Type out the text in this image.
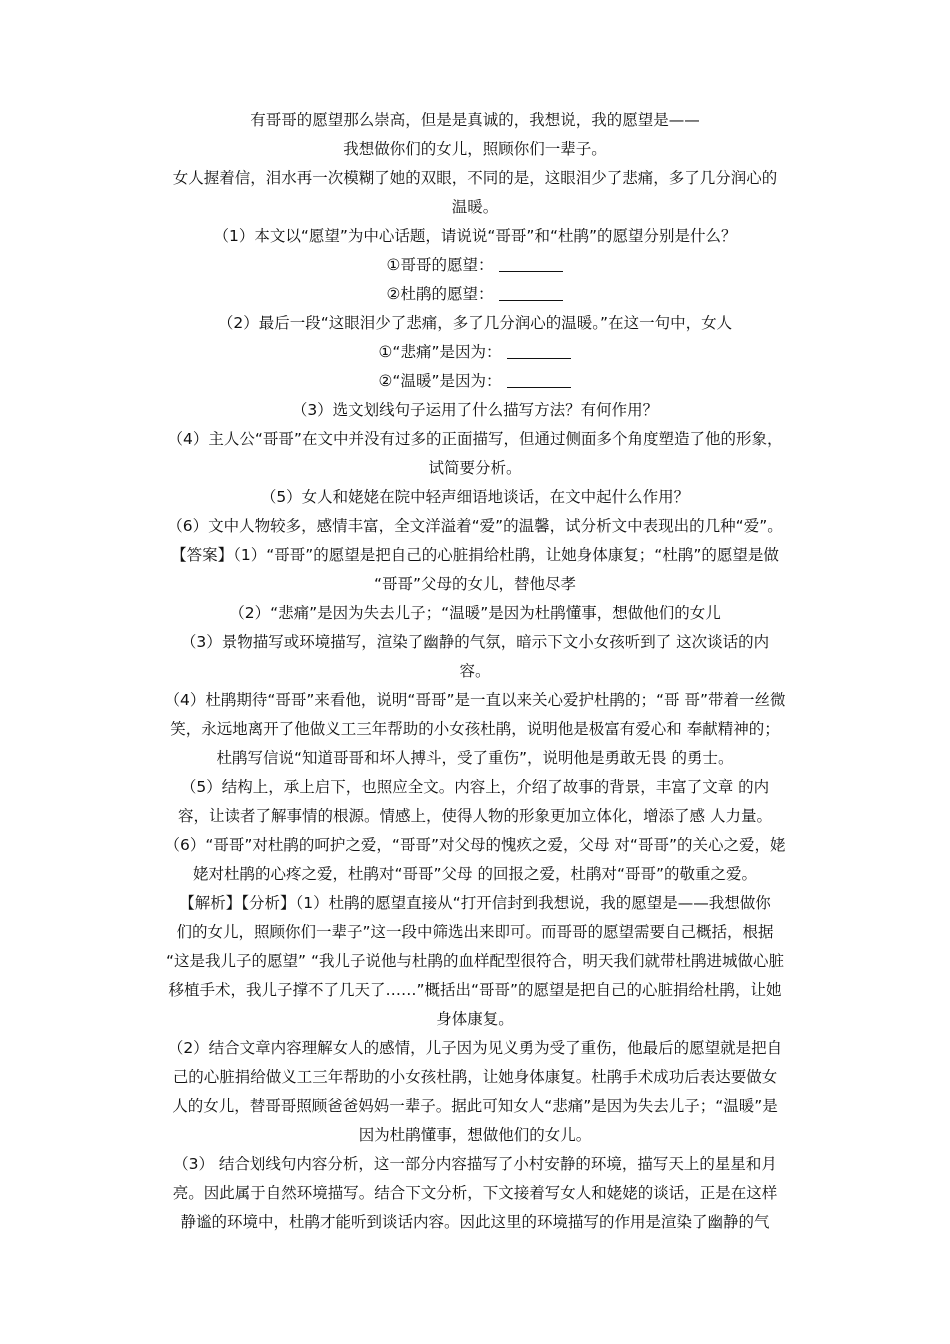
有哥哥的愿望那么崇高，但是是真诚的，我想说，我的愿望是——
我想做你们的女儿，照顾你们一辈子。
女人握着信，泪水再一次模糊了她的双眼，不同的是，这眼泪少了悲痛，多了几分润心的
温暖。
（1）本文以“愿望”为中心话题，请说说“哥哥”和“杜鹃”的愿望分别是什么？
①哥哥的愿望：
②杜鹃的愿望：
（2）最后一段“这眼泪少了悲痛，多了几分润心的温暖。”在这一句中，女人
①“悲痛”是因为：
②“温暖”是因为：
（3）选文划线句子运用了什么描写方法？有何作用？
（4）主人公“哥哥”在文中并没有过多的正面描写，但通过侧面多个角度塑造了他的形象，
试简要分析。
（5）女人和姥姥在院中轻声细语地谈话，在文中起什么作用？
（6）文中人物较多，感情丰富，全文洋溢着“爱”的温馨，试分析文中表现出的几种“爱”。
【答案】（1）“哥哥”的愿望是把自己的心脏捐给杜鹃，让她身体康复；“杜鹃”的愿望是做
“哥哥”父母的女儿，替他尽孝
（2）“悲痛”是因为失去儿子；“温暖”是因为杜鹃懂事，想做他们的女儿
（3）景物描写或环境描写，渲染了幽静的气氛，暗示下文小女孩听到了 这次谈话的内
容。
（4）杜鹃期待“哥哥”来看他，说明“哥哥”是一直以来关心爱护杜鹃的；“哥 哥”带着一丝微
笑，永远地离开了他做义工三年帮助的小女孩杜鹃，说明他是极富有爱心和 奉献精神的；
杜鹃写信说“知道哥哥和坏人搏斗，受了重伤”，说明他是勇敢无畏 的勇士。
（5）结构上，承上启下，也照应全文。内容上，介绍了故事的背景，丰富了文章 的内
容，让读者了解事情的根源。情感上，使得人物的形象更加立体化，增添了感 人力量。
（6）“哥哥”对杜鹃的呵护之爱，“哥哥”对父母的愧疚之爱，父母 对“哥哥”的关心之爱，姥
姥对杜鹃的心疼之爱，杜鹃对“哥哥”父母 的回报之爱，杜鹃对“哥哥”的敬重之爱。
【解析】【分析】（1）杜鹃的愿望直接从“打开信封到我想说，我的愿望是——我想做你
们的女儿，照顾你们一辈子”这一段中筛选出来即可。而哥哥的愿望需要自己概括，根据
“这是我儿子的愿望” “我儿子说他与杜鹃的血样配型很符合，明天我们就带杜鹃进城做心脏
移植手术，我儿子撑不了几天了……”概括出“哥哥”的愿望是把自己的心脏捐给杜鹃，让她
身体康复。
（2）结合文章内容理解女人的感情，儿子因为见义勇为受了重伤，他最后的愿望就是把自
己的心脏捐给做义工三年帮助的小女孩杜鹃，让她身体康复。杜鹃手术成功后表达要做女
人的女儿，替哥哥照顾爸爸妈妈一辈子。据此可知女人“悲痛”是因为失去儿子；“温暖”是
因为杜鹃懂事，想做他们的女儿。
（3） 结合划线句内容分析，这一部分内容描写了小村安静的环境，描写天上的星星和月
亮。因此属于自然环境描写。结合下文分析，下文接着写女人和姥姥的谈话，正是在这样
静谧的环境中，杜鹃才能听到谈话内容。因此这里的环境描写的作用是渲染了幽静的气
